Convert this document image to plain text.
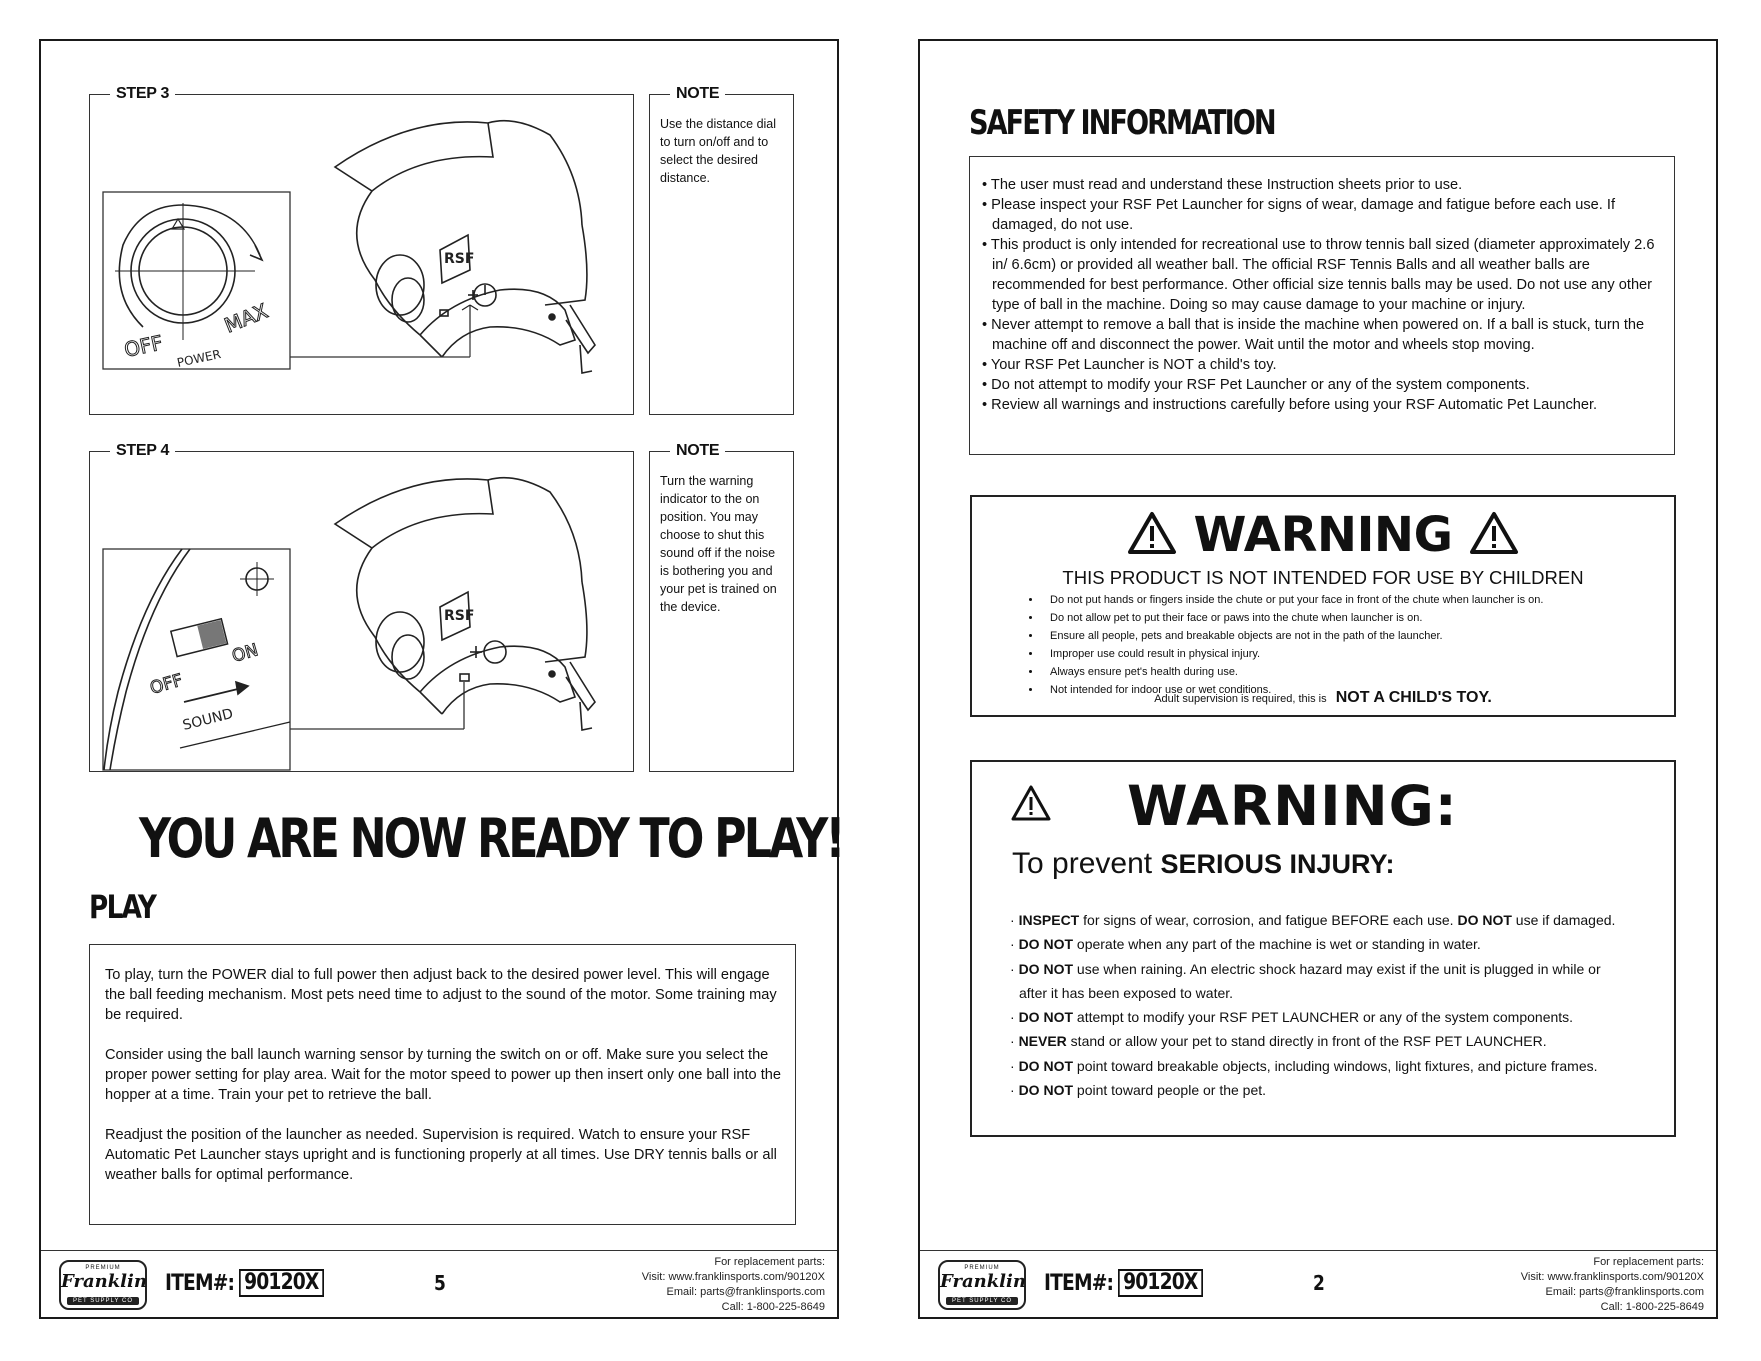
STEP 3
RSF
OFF
MAX
POWER
NOTE
Use the distance dial to turn on/off and to select the desired distance.
STEP 4
RSF
OFF
ON
SOUND
NOTE
Turn the warning indicator to the on position. You may choose to shut this sound off if the noise is bothering you and your pet is trained on the device.
YOU ARE NOW READY TO PLAY!
PLAY

To play, turn the POWER dial to full power then adjust back to the desired power level. This will engage the ball feeding mechanism. Most pets need time to adjust to the sound of the motor. Some training may be required.

Consider using the ball launch warning sensor by turning the switch on or off. Make sure you select the proper power setting for play area. Wait for the motor speed to power up then insert only one ball into the hopper at a time. Train your pet to retrieve the ball.

Readjust the position of the launcher as needed. Supervision is required. Watch to ensure your RSF Automatic Pet Launcher stays upright and is functioning properly at all times. Use DRY tennis balls or all weather balls for optimal performance.

PREMIUM
Franklin
PET SUPPLY CO
ITEM#: 90120X	5
For replacement parts:
Visit: www.franklinsports.com/90120X
Email: parts@franklinsports.com
Call: 1-800-225-8649
SAFETY INFORMATION
• The user must read and understand these Instruction sheets prior to use.
• Please inspect your RSF Pet Launcher for signs of wear, damage and fatigue before each use. If damaged, do not use.
• This product is only intended for recreational use to throw tennis ball sized (diameter approximately 2.6 in/ 6.6cm) or provided all weather ball. The official RSF Tennis Balls and all weather balls are recommended for best performance. Other official size tennis balls may be used. Do not use any other type of ball in the machine. Doing so may cause damage to your machine or injury.
• Never attempt to remove a ball that is inside the machine when powered on. If a ball is stuck, turn the machine off and disconnect the power. Wait until the motor and wheels stop moving.
• Your RSF Pet Launcher is NOT a child's toy.
• Do not attempt to modify your RSF Pet Launcher or any of the system components.
• Review all warnings and instructions carefully before using your RSF Automatic Pet Launcher.
WARNING
THIS PRODUCT IS NOT INTENDED FOR USE BY CHILDREN
• Do not put hands or fingers inside the chute or put your face in front of the chute when launcher is on.
• Do not allow pet to put their face or paws into the chute when launcher is on.
• Ensure all people, pets and breakable objects are not in the path of the launcher.
• Improper use could result in physical injury.
• Always ensure pet's health during use.
• Not intended for indoor use or wet conditions.
Adult supervision is required, this is NOT A CHILD'S TOY.
WARNING:
To prevent SERIOUS INJURY:
· INSPECT for signs of wear, corrosion, and fatigue BEFORE each use. DO NOT use if damaged.
· DO NOT operate when any part of the machine is wet or standing in water.
· DO NOT use when raining. An electric shock hazard may exist if the unit is plugged in while or
after it has been exposed to water.
· DO NOT attempt to modify your RSF PET LAUNCHER or any of the system components.
· NEVER stand or allow your pet to stand directly in front of the RSF PET LAUNCHER.
· DO NOT point toward breakable objects, including windows, light fixtures, and picture frames.
· DO NOT point toward people or the pet.
PREMIUM
Franklin
PET SUPPLY CO
ITEM#: 90120X	2
For replacement parts:
Visit: www.franklinsports.com/90120X
Email: parts@franklinsports.com
Call: 1-800-225-8649
